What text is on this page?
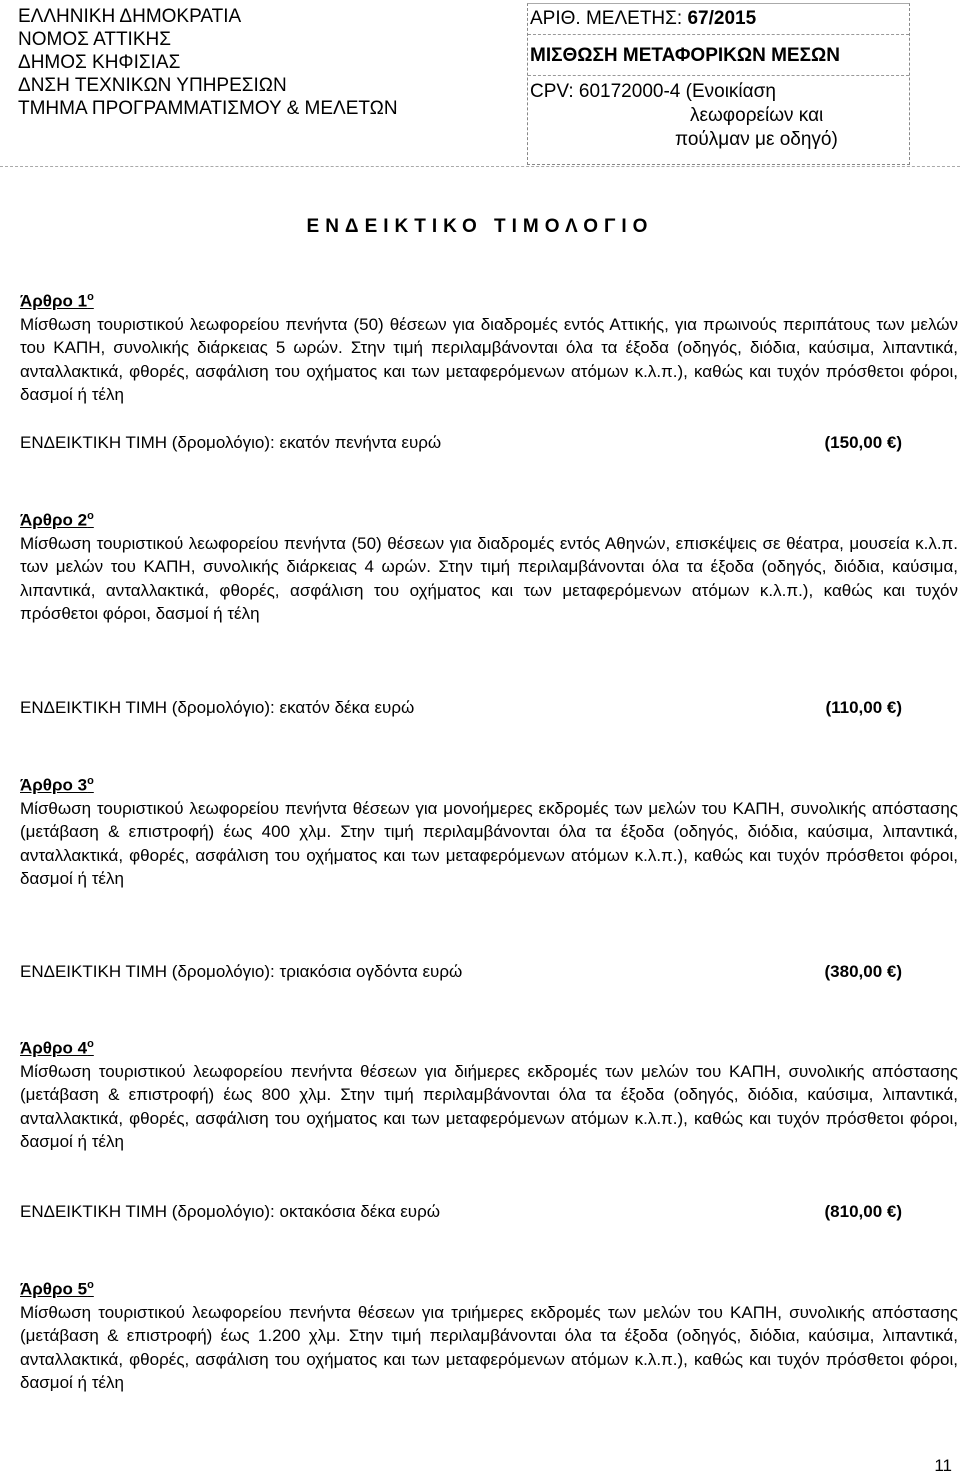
ΕΛΛΗΝΙΚΗ ΔΗΜΟΚΡΑΤΙΑ
ΝΟΜΟΣ ΑΤΤΙΚΗΣ
ΔΗΜΟΣ ΚΗΦΙΣΙΑΣ
ΔΝΣΗ ΤΕΧΝΙΚΩΝ ΥΠΗΡΕΣΙΩΝ
ΤΜΗΜΑ ΠΡΟΓΡΑΜΜΑΤΙΣΜΟΥ & ΜΕΛΕΤΩΝ
ΑΡΙΘ. ΜΕΛΕΤΗΣ: 67/2015
ΜΙΣΘΩΣΗ ΜΕΤΑΦΟΡΙΚΩΝ ΜΕΣΩΝ
CPV: 60172000-4 (Ενοικίαση
λεωφορείων και
πούλμαν με οδηγό)
ΕΝΔΕΙΚΤΙΚΟ ΤΙΜΟΛΟΓΙΟ
Άρθρο $1^o$
Μίσθωση τουριστικού λεωφορείου πενήντα (50) θέσεων για διαδρομές εντός Αττικής, για πρωινούς περιπάτους των μελών του ΚΑΠΗ, συνολικής διάρκειας 5 ωρών. Στην τιμή περιλαμβάνονται όλα τα έξοδα (οδηγός, διόδια, καύσιμα, λιπαντικά, ανταλλακτικά, φθορές, ασφάλιση του οχήματος και των μεταφερόμενων ατόμων κ.λ.π.), καθώς και τυχόν πρόσθετοι φόροι, δασμοί ή τέλη
ΕΝΔΕΙΚΤΙΚΗ ΤΙΜΗ (δρομολόγιο): εκατόν πενήντα ευρώ	(150,00 €)
Άρθρο $2^o$
Μίσθωση τουριστικού λεωφορείου πενήντα (50) θέσεων για διαδρομές εντός Αθηνών, επισκέψεις σε θέατρα, μουσεία κ.λ.π. των μελών του ΚΑΠΗ, συνολικής διάρκειας 4 ωρών. Στην τιμή περιλαμβάνονται όλα τα έξοδα (οδηγός, διόδια, καύσιμα, λιπαντικά, ανταλλακτικά, φθορές, ασφάλιση του οχήματος και των μεταφερόμενων ατόμων κ.λ.π.), καθώς και τυχόν πρόσθετοι φόροι, δασμοί ή τέλη
ΕΝΔΕΙΚΤΙΚΗ ΤΙΜΗ (δρομολόγιο): εκατόν δέκα ευρώ	(110,00 €)
Άρθρο $3^o$
Μίσθωση τουριστικού λεωφορείου πενήντα θέσεων για μονοήμερες εκδρομές των μελών του ΚΑΠΗ, συνολικής απόστασης (μετάβαση & επιστροφή) έως 400 χλμ. Στην τιμή περιλαμβάνονται όλα τα έξοδα (οδηγός, διόδια, καύσιμα, λιπαντικά, ανταλλακτικά, φθορές, ασφάλιση του οχήματος και των μεταφερόμενων ατόμων κ.λ.π.), καθώς και τυχόν πρόσθετοι φόροι, δασμοί ή τέλη
ΕΝΔΕΙΚΤΙΚΗ ΤΙΜΗ (δρομολόγιο): τριακόσια ογδόντα ευρώ	(380,00 €)
Άρθρο $4^o$
Μίσθωση τουριστικού λεωφορείου πενήντα θέσεων για διήμερες εκδρομές των μελών του ΚΑΠΗ, συνολικής απόστασης (μετάβαση & επιστροφή) έως 800 χλμ. Στην τιμή περιλαμβάνονται όλα τα έξοδα (οδηγός, διόδια, καύσιμα, λιπαντικά, ανταλλακτικά, φθορές, ασφάλιση του οχήματος και των μεταφερόμενων ατόμων κ.λ.π.), καθώς και τυχόν πρόσθετοι φόροι, δασμοί ή τέλη
ΕΝΔΕΙΚΤΙΚΗ ΤΙΜΗ (δρομολόγιο): οκτακόσια δέκα ευρώ	(810,00 €)
Άρθρο $5^o$
Μίσθωση τουριστικού λεωφορείου πενήντα θέσεων για τριήμερες εκδρομές των μελών του ΚΑΠΗ, συνολικής απόστασης (μετάβαση & επιστροφή) έως 1.200 χλμ. Στην τιμή περιλαμβάνονται όλα τα έξοδα (οδηγός, διόδια, καύσιμα, λιπαντικά, ανταλλακτικά, φθορές, ασφάλιση του οχήματος και των μεταφερόμενων ατόμων κ.λ.π.), καθώς και τυχόν πρόσθετοι φόροι, δασμοί ή τέλη
11
